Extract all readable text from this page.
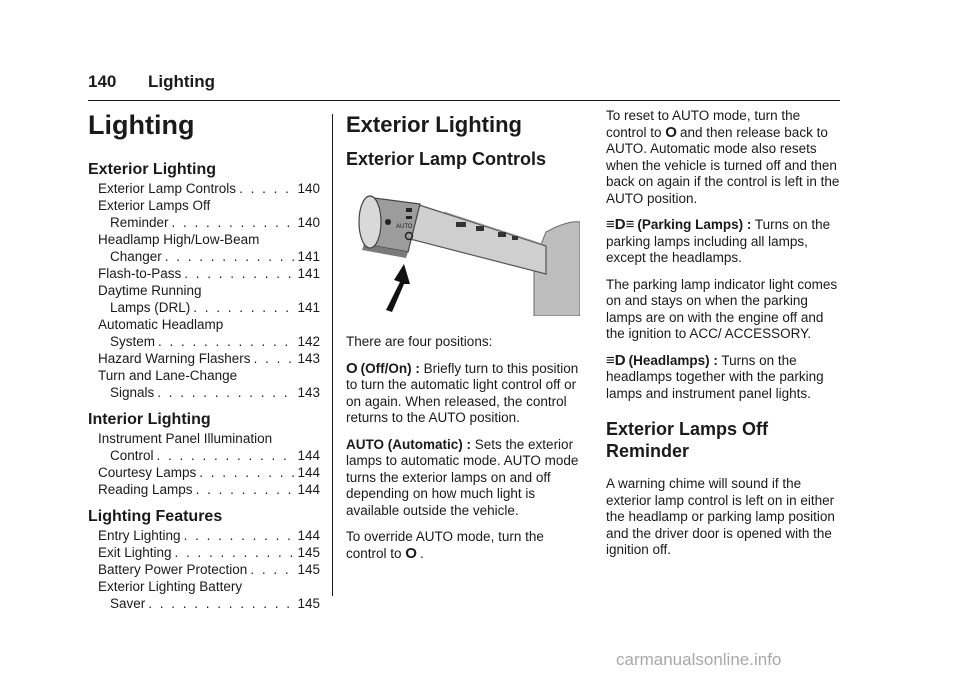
140 Lighting
Lighting
Exterior Lighting
Exterior Lamp Controls . . .	140
Exterior Lamps Off
Reminder . . .	140
Headlamp High/Low-Beam
Changer . . .	141
Flash-to-Pass . . .	141
Daytime Running
Lamps (DRL) . . .	141
Automatic Headlamp
System . . .	142
Hazard Warning Flashers . . .	143
Turn and Lane-Change
Signals . . .	143
Interior Lighting
Instrument Panel Illumination
Control . . .	144
Courtesy Lamps . . .	144
Reading Lamps . . .	144
Lighting Features
Entry Lighting . . .	144
Exit Lighting . . .	145
Battery Power Protection . . .	145
Exterior Lighting Battery
Saver . . .	145
Exterior Lighting
Exterior Lamp Controls
AUTO

There are four positions:

O (Off/On) : Briefly turn to this position to turn the automatic light control off or on again. When released, the control returns to the AUTO position.

AUTO (Automatic) : Sets the exterior lamps to automatic mode. AUTO mode turns the exterior lamps on and off depending on how much light is available outside the vehicle.

To override AUTO mode, turn the control to O .

To reset to AUTO mode, turn the control to O and then release back to AUTO. Automatic mode also resets when the vehicle is turned off and then back on again if the control is left in the AUTO position.

≡D≡ (Parking Lamps) : Turns on the parking lamps including all lamps, except the headlamps.

The parking lamp indicator light comes on and stays on when the parking lamps are on with the engine off and the ignition to ACC/ ACCESSORY.

≡D (Headlamps) : Turns on the headlamps together with the parking lamps and instrument panel lights.

Exterior Lamps Off Reminder

A warning chime will sound if the exterior lamp control is left on in either the headlamp or parking lamp position and the driver door is opened with the ignition off.

carmanualsonline.info
